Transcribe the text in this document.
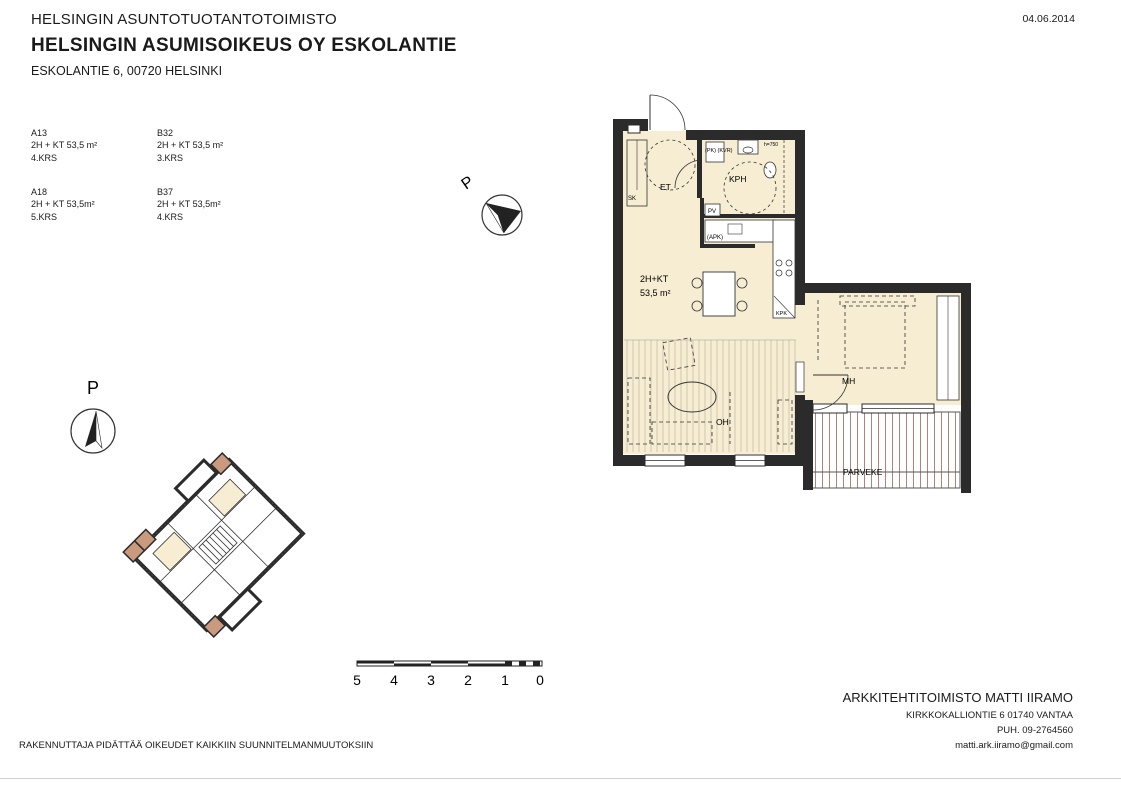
HELSINGIN ASUNTOTUOTANTOTOIMISTO
HELSINGIN ASUMISOIKEUS OY ESKOLANTIE
ESKOLANTIE 6, 00720 HELSINKI
04.06.2014
A13
2H + KT 53,5 m²
4.KRS
B32
2H + KT 53,5 m²
3.KRS
A18
2H + KT 53,5m²
5.KRS
B37
2H + KT 53,5m²
4.KRS
P
P
2H+KT
53,5 m²
ET
KPH
OH
MH
PARVEKE
SK
PV
(PK) (KVR)
(APK)
KPK
h=750
5 4 3 2 1 0
RAKENNUTTAJA PIDÄTTÄÄ OIKEUDET KAIKKIIN SUUNNITELMANMUUTOKSIIN
ARKKITEHTITOIMISTO MATTI IIRAMO
KIRKKOKALLIONTIE 6 01740 VANTAA
PUH. 09-2764560
matti.ark.iiramo@gmail.com
